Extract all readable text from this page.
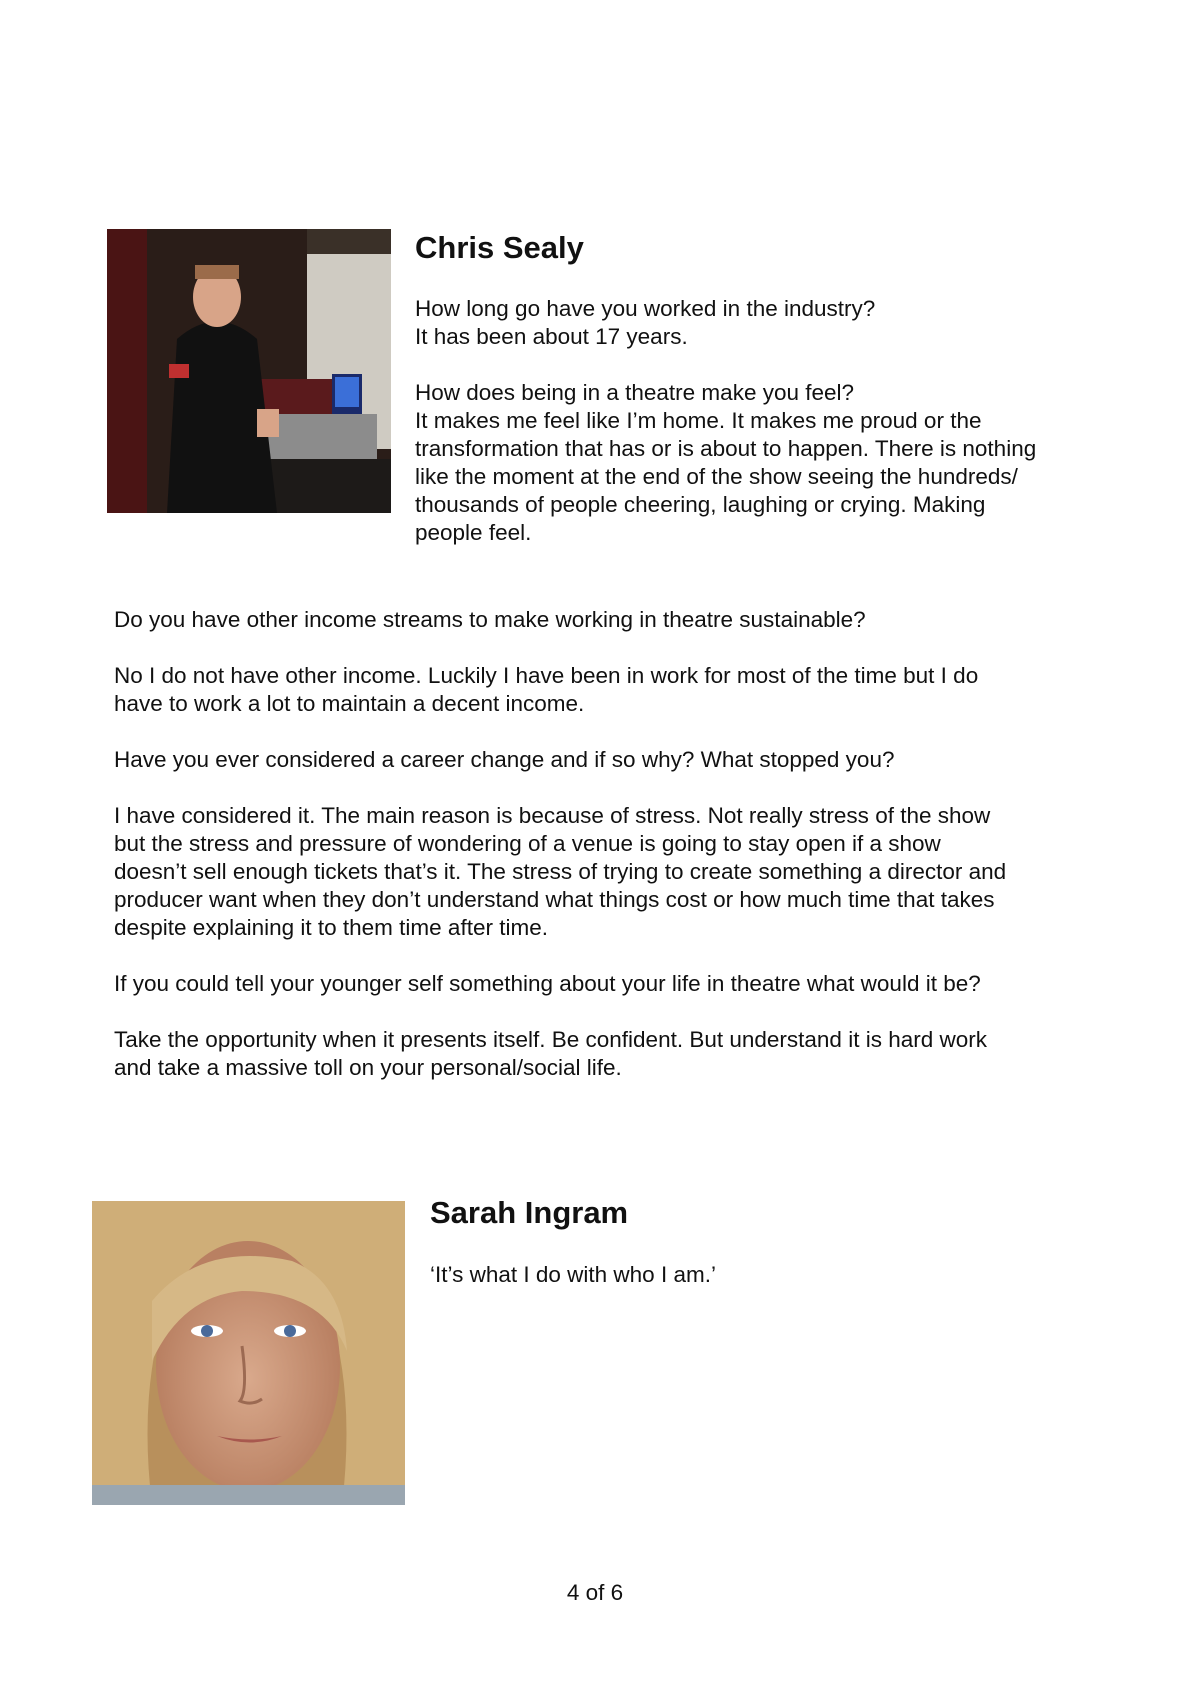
Chris Sealy

How long go have you worked in the industry?

It has been about 17 years.

How does being in a theatre make you feel?

It makes me feel like I’m home. It makes me proud or the
transformation that has or is about to happen. There is nothing
like the moment at the end of the show seeing the hundreds/
thousands of people cheering, laughing or crying. Making
people feel.

Do you have other income streams to make working in theatre sustainable?

No I do not have other income. Luckily I have been in work for most of the time but I do
have to work a lot to maintain a decent income.

Have you ever considered a career change and if so why? What stopped you?

I have considered it. The main reason is because of stress. Not really stress of the show
but the stress and pressure of wondering of a venue is going to stay open if a show
doesn’t sell enough tickets that’s it. The stress of trying to create something a director and
producer want when they don’t understand what things cost or how much time that takes
despite explaining it to them time after time.

If you could tell your younger self something about your life in theatre what would it be?

Take the opportunity when it presents itself. Be confident. But understand it is hard work
and take a massive toll on your personal/social life.

Sarah Ingram

‘It’s what I do with who I am.’

4 of 6
